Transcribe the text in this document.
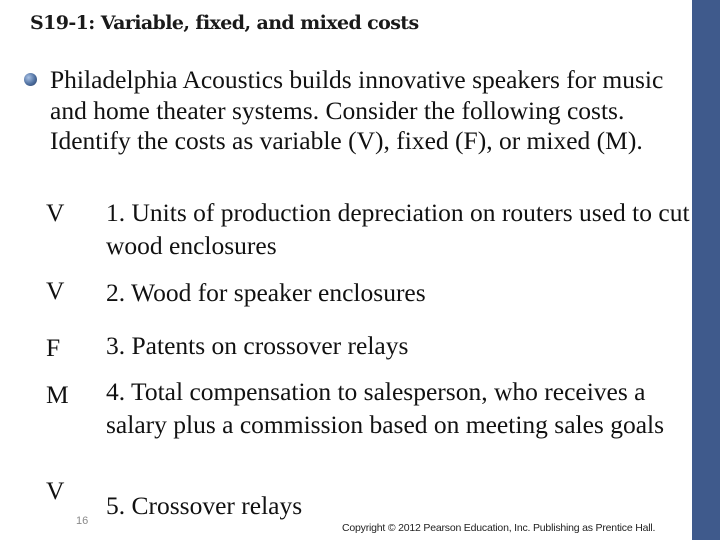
S19-1: Variable, fixed, and mixed costs
Philadelphia Acoustics builds innovative speakers for music and home theater systems. Consider the following costs. Identify the costs as variable (V), fixed (F), or mixed (M).
V 1. Units of production depreciation on routers used to cut wood enclosures
V 2. Wood for speaker enclosures
F 3. Patents on crossover relays
M 4. Total compensation to salesperson, who receives a salary plus a commission based on meeting sales goals
V
5. Crossover relays
16
Copyright © 2012 Pearson Education, Inc. Publishing as Prentice Hall.
